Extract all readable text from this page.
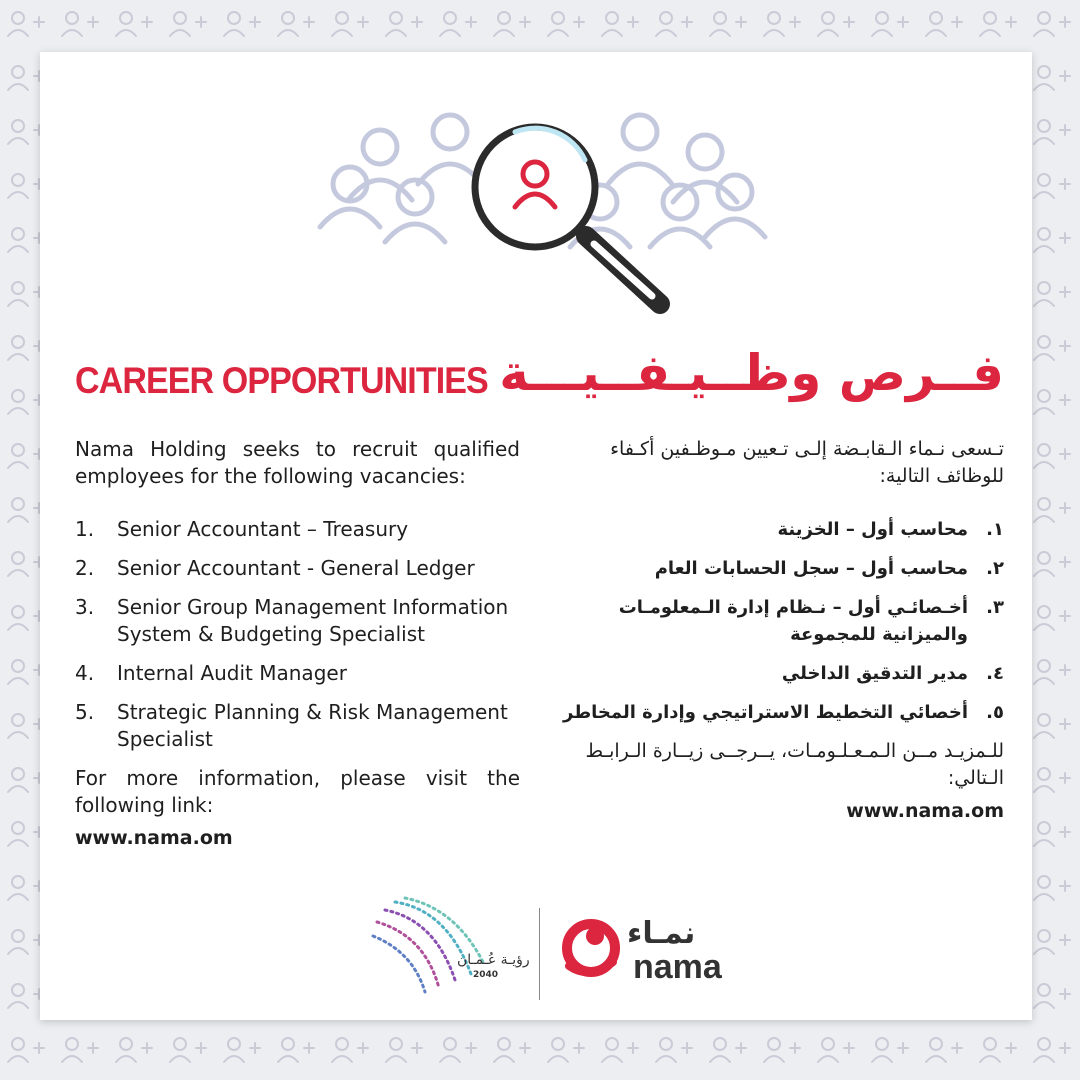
CAREER OPPORTUNITIES فــرص وظــيـفــيـــة

Nama Holding seeks to recruit qualified employees for the following vacancies:

1.	Senior Accountant – Treasury
2.	Senior Accountant - General Ledger
3.	Senior Group Management Information System & Budgeting Specialist
4.	Internal Audit Manager
5.	Strategic Planning & Risk Management Specialist

For more information, please visit the following link:

www.nama.om

تـسعى نـماء الـقابـضة إلـى تـعيين مـوظـفين أكـفاء للوظائف التالية:

١.
محاسب أول – الخزينة
٢.
محاسب أول – سجل الحسابات العام
٣.
أخـصائـي أول – نـظام إدارة الـمعلومـات والميزانية للمجموعة
٤.
مدير التدقيق الداخلي
٥.
أخصائي التخطيط الاستراتيجي وإدارة المخاطر

للـمزيـد مــن الـمـعـلـومـات، يــرجــى زيــارة الـرابـط الـتالي:

www.nama.om
رؤيـة عُـمـان
2040
نمـاء
nama
